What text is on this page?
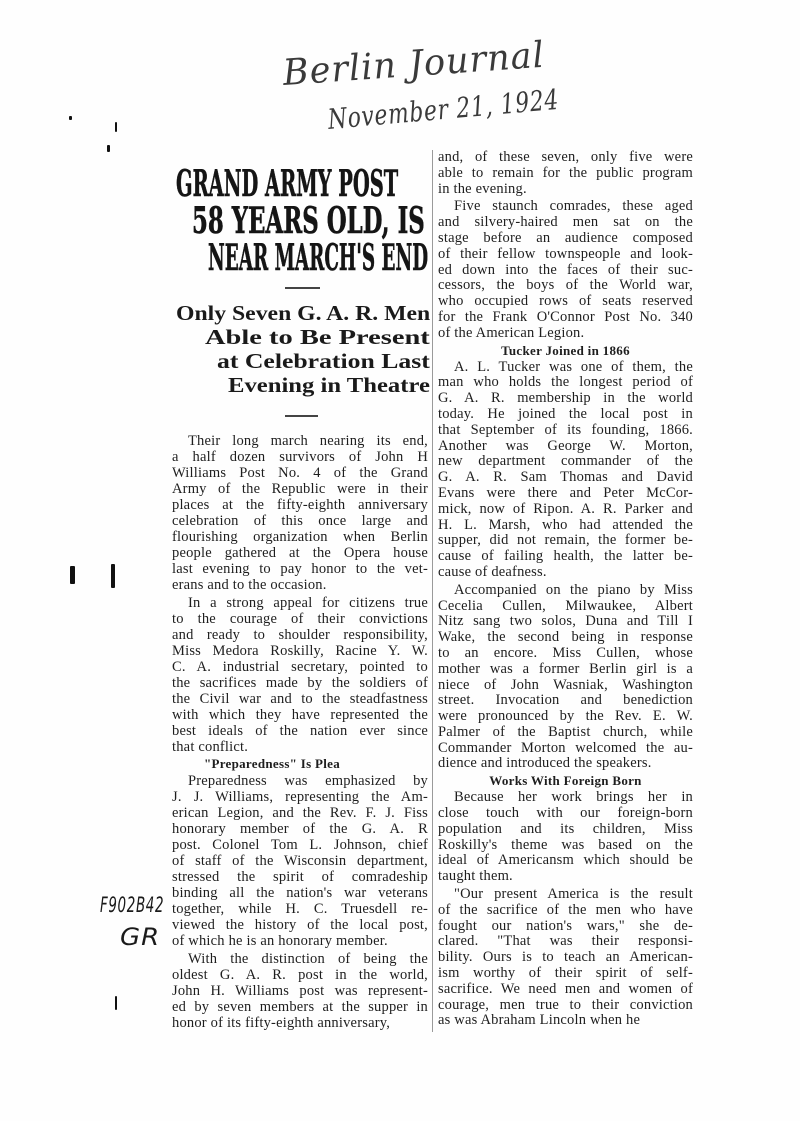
Berlin Journal
November 21, 1924
F902B42
GR
GRAND ARMY POST
58 YEARS OLD, IS
NEAR MARCH'S END
Only Seven G. A. R. Men
Able to Be Present
at Celebration Last
Evening in Theatre
Their long march nearing its end,
a half dozen survivors of John H
Williams Post No. 4 of the Grand
Army of the Republic were in their
places at the fifty-eighth anniversary
celebration of this once large and
flourishing organization when Berlin
people gathered at the Opera house
last evening to pay honor to the vet-
erans and to the occasion.
In a strong appeal for citizens true
to the courage of their convictions
and ready to shoulder responsibility,
Miss Medora Roskilly, Racine Y. W.
C. A. industrial secretary, pointed to
the sacrifices made by the soldiers of
the Civil war and to the steadfastness
with which they have represented the
best ideals of the nation ever since
that conflict.
"Preparedness" Is Plea
Preparedness was emphasized by
J. J. Williams, representing the Am-
erican Legion, and the Rev. F. J. Fiss
honorary member of the G. A. R
post. Colonel Tom L. Johnson, chief
of staff of the Wisconsin department,
stressed the spirit of comradeship
binding all the nation's war veterans
together, while H. C. Truesdell re-
viewed the history of the local post,
of which he is an honorary member.
With the distinction of being the
oldest G. A. R. post in the world,
John H. Williams post was represent-
ed by seven members at the supper in
honor of its fifty-eighth anniversary,
and, of these seven, only five were
able to remain for the public program
in the evening.
Five staunch comrades, these aged
and silvery-haired men sat on the
stage before an audience composed
of their fellow townspeople and look-
ed down into the faces of their suc-
cessors, the boys of the World war,
who occupied rows of seats reserved
for the Frank O'Connor Post No. 340
of the American Legion.
Tucker Joined in 1866
A. L. Tucker was one of them, the
man who holds the longest period of
G. A. R. membership in the world
today. He joined the local post in
that September of its founding, 1866.
Another was George W. Morton,
new department commander of the
G. A. R. Sam Thomas and David
Evans were there and Peter McCor-
mick, now of Ripon. A. R. Parker and
H. L. Marsh, who had attended the
supper, did not remain, the former be-
cause of failing health, the latter be-
cause of deafness.
Accompanied on the piano by Miss
Cecelia Cullen, Milwaukee, Albert
Nitz sang two solos, Duna and Till I
Wake, the second being in response
to an encore. Miss Cullen, whose
mother was a former Berlin girl is a
niece of John Wasniak, Washington
street. Invocation and benediction
were pronounced by the Rev. E. W.
Palmer of the Baptist church, while
Commander Morton welcomed the au-
dience and introduced the speakers.
Works With Foreign Born
Because her work brings her in
close touch with our foreign-born
population and its children, Miss
Roskilly's theme was based on the
ideal of Americansm which should be
taught them.
"Our present America is the result
of the sacrifice of the men who have
fought our nation's wars," she de-
clared. "That was their responsi-
bility. Ours is to teach an American-
ism worthy of their spirit of self-
sacrifice. We need men and women of
courage, men true to their conviction
as was Abraham Lincoln when he
